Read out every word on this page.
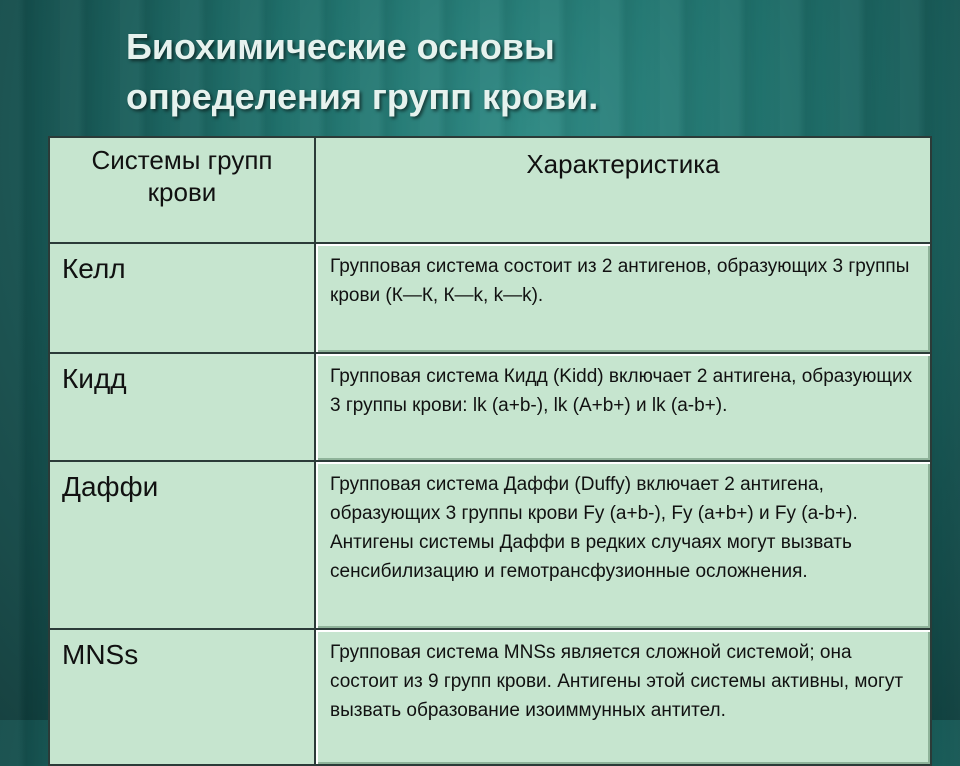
Биохимические основы
определения групп крови.
Системы групп крови	Характеристика
Келл	Групповая система состоит из 2 антигенов, образующих 3 группы крови (К—К, К—k, k—k).

Кидд	Групповая система Кидд (Kidd) включает 2 антигена, образующих 3 группы крови: lk (a+b-), lk (A+b+) и lk (a-b+).

Даффи	Групповая система Даффи (Duffy) включает 2 антигена, образующих 3 группы крови Fy (a+b-), Fy (a+b+) и Fy (a-b+). Антигены системы Даффи в редких случаях могут вызвать сенсибилизацию и гемотрансфузионные осложнения.

MNSs	Групповая система MNSs является сложной системой; она состоит из 9 групп крови. Антигены этой системы активны, могут вызвать образование изоиммунных антител.
